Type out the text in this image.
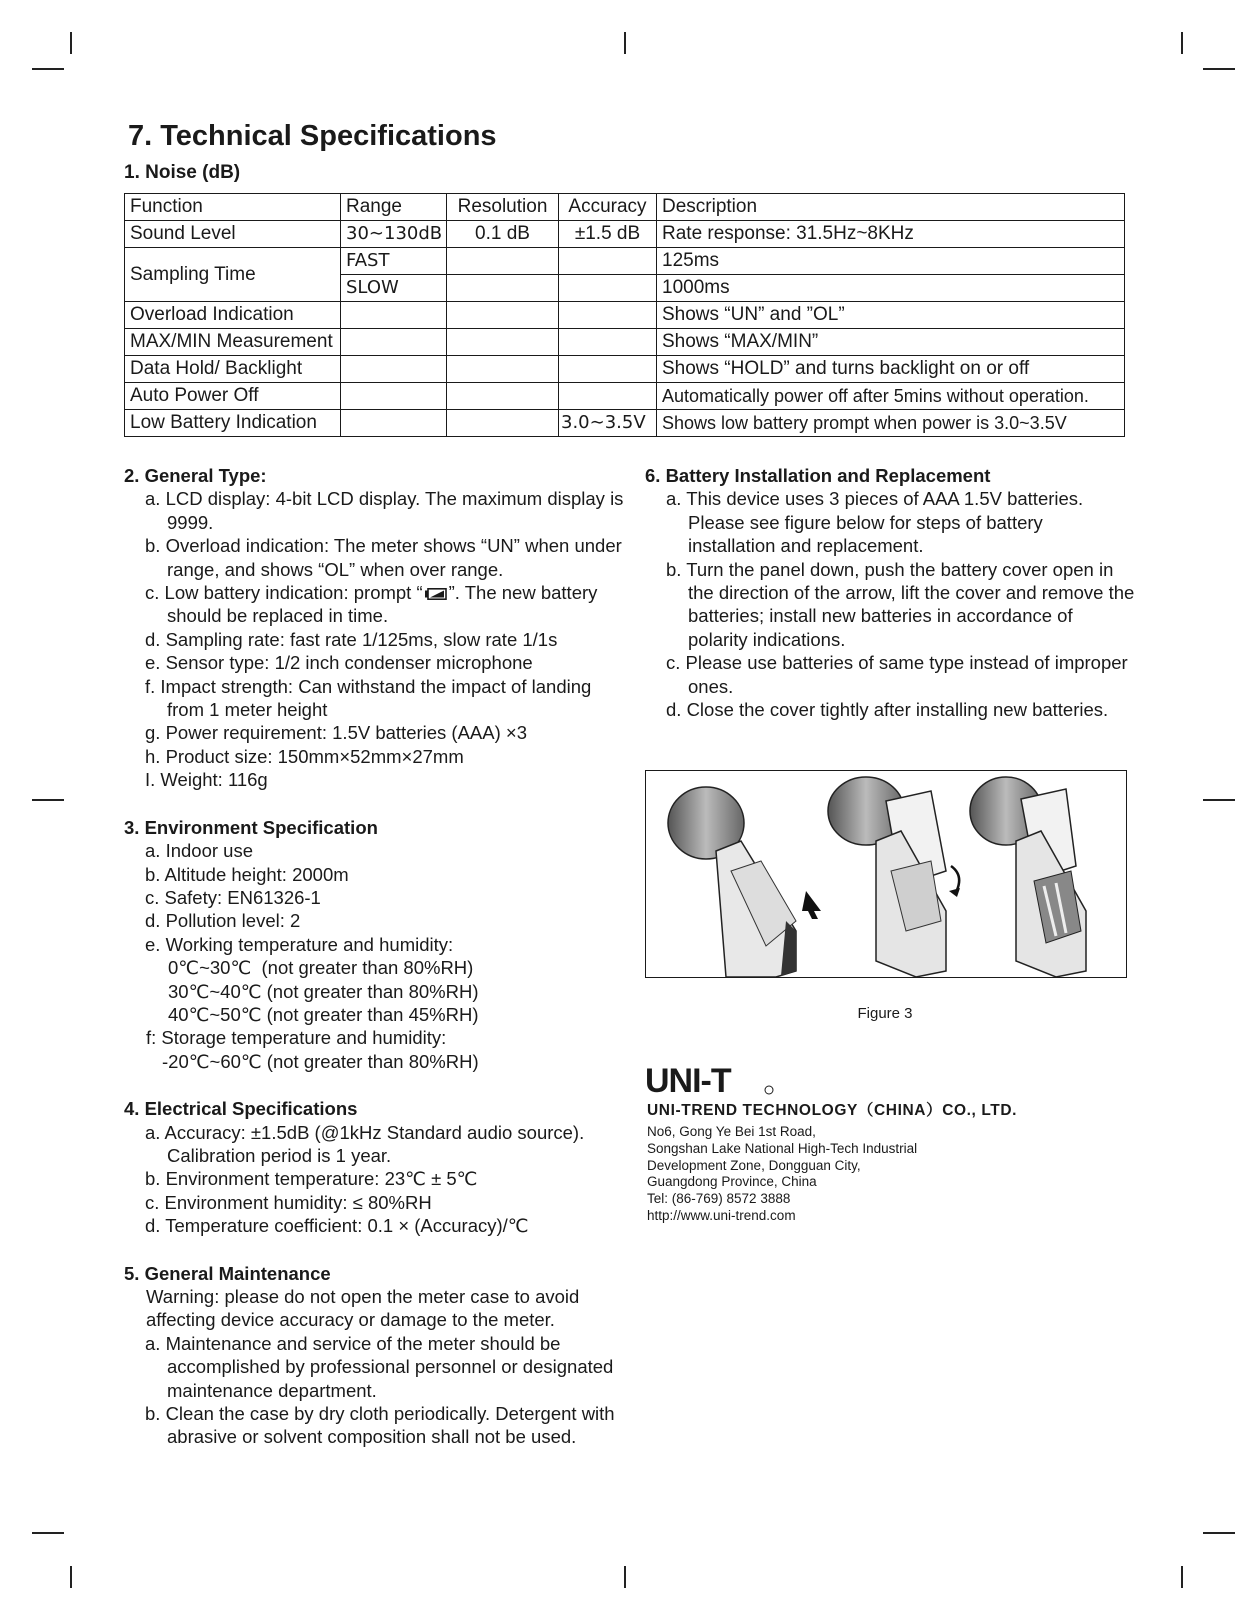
7. Technical Specifications
1. Noise (dB)
Function	Range	Resolution	Accuracy	Description
Sound Level	30∼130dB	0.1 dB	±1.5 dB	Rate response: 31.5Hz~8KHz
Sampling Time	FAST			125ms
	SLOW			1000ms
Overload Indication				Shows “UN” and ”OL”
MAX/MIN Measurement				Shows “MAX/MIN”
Data Hold/ Backlight				Shows “HOLD” and turns backlight on or off
Auto Power Off				Automatically power off after 5mins without operation.
Low Battery Indication			3.0∼3.5V	Shows low battery prompt when power is 3.0~3.5V

2. General Type:

a. LCD display: 4-bit LCD display. The maximum display is 9999.

b. Overload indication: The meter shows “UN” when under range, and shows “OL” when over range.

c. Low battery indication: prompt “ ”. The new battery should be replaced in time.

d. Sampling rate: fast rate 1/125ms, slow rate 1/1s

e. Sensor type: 1/2 inch condenser microphone

f. Impact strength: Can withstand the impact of landing from 1 meter height

g. Power requirement: 1.5V batteries (AAA) ×3

h. Product size: 150mm×52mm×27mm

I. Weight: 116g

3. Environment Specification

a. Indoor use

b. Altitude height: 2000m

c. Safety: EN61326-1

d. Pollution level: 2

e. Working temperature and humidity:

0℃~30℃  (not greater than 80%RH)

30℃~40℃ (not greater than 80%RH)

40℃~50℃ (not greater than 45%RH)

f: Storage temperature and humidity:

-20℃~60℃ (not greater than 80%RH)

4. Electrical Specifications

a. Accuracy: ±1.5dB (@1kHz Standard audio source). Calibration period is 1 year.

b. Environment temperature: 23℃ ± 5℃

c. Environment humidity: ≤ 80%RH

d. Temperature coefficient: 0.1 × (Accuracy)/℃

5. General Maintenance

Warning: please do not open the meter case to avoid affecting device accuracy or damage to the meter.

a. Maintenance and service of the meter should be accomplished by professional personnel or designated maintenance department.

b. Clean the case by dry cloth periodically. Detergent with abrasive or solvent composition shall not be used.

6. Battery Installation and Replacement

a. This device uses 3 pieces of AAA 1.5V batteries. Please see figure below for steps of battery installation and replacement.

b. Turn the panel down, push the battery cover open in the direction of the arrow, lift the cover and remove the batteries; install new batteries in accordance of polarity indications.

c. Please use batteries of same type instead of improper ones.

d. Close the cover tightly after installing new batteries.

Figure 3
UNI-T
UNI-TREND TECHNOLOGY（CHINA）CO., LTD.
No6, Gong Ye Bei 1st Road,
Songshan Lake National High-Tech Industrial
Development Zone, Dongguan City,
Guangdong Province, China
Tel: (86-769) 8572 3888
http://www.uni-trend.com
